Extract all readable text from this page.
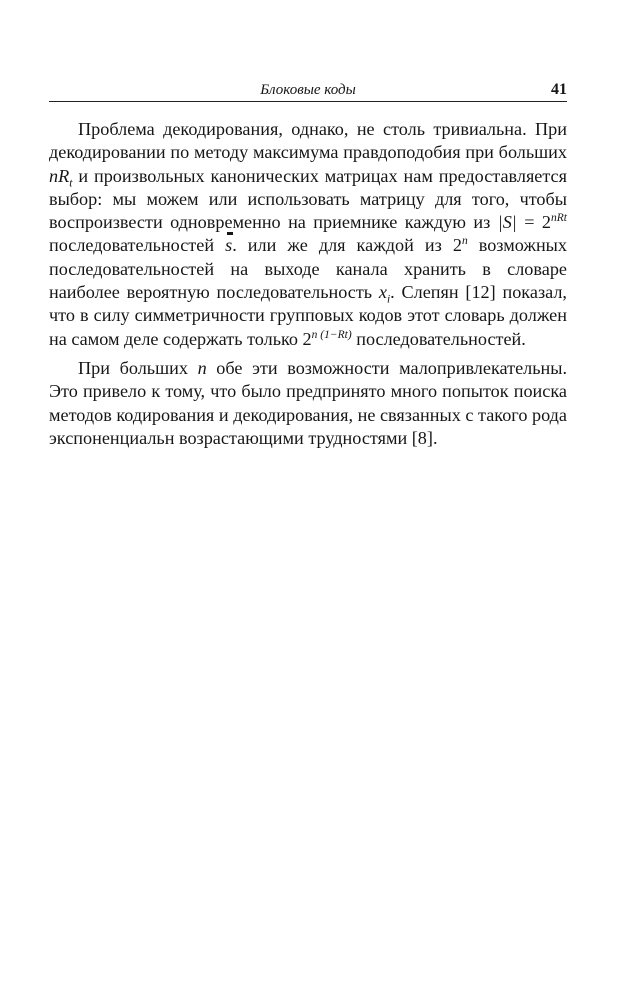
Блоковые коды	41

Проблема декодирования, однако, не столь тривиальна. При декодировании по методу максимума правдоподобия при больших $nR_t$ и произвольных канонических матрицах нам предоставляется выбор: мы можем или использовать матрицу для того, чтобы воспроизвести одновременно на приемнике каждую из $|S| = 2^{nRt}$ последовательностей s. или же для каждой из 2$^n$ возможных последовательностей на выходе канала хранить в словаре наиболее вероятную последовательность $x_i$. Слепян [12] показал, что в силу симметричности групповых кодов этот словарь должен на самом деле содержать только $2^{n (1-Rt)}$ последовательностей.

При больших n обе эти возможности малопривлекательны. Это привело к тому, что было предпринято много попыток поиска методов кодирования и декодирования, не связанных с такого рода экспоненциальн возрастающими трудностями [8].
